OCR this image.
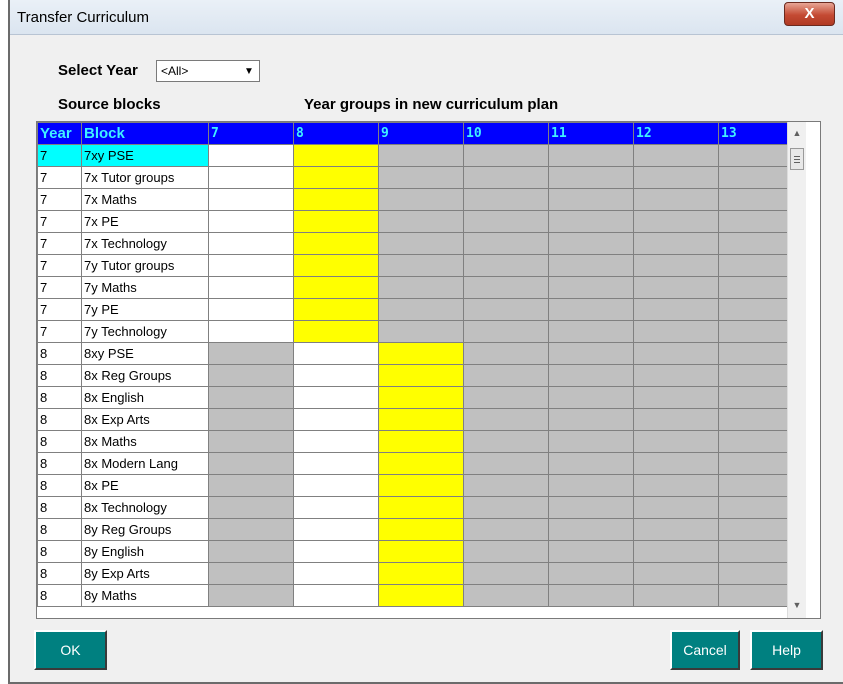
Transfer Curriculum	X
Select Year <All>	▼
Source blocks	Year groups in new curriculum plan
Year	Block	7	8	9	10	11	12	13
7	7xy PSE							
7	7x Tutor groups							
7	7x Maths							
7	7x PE							
7	7x Technology							
7	7y Tutor groups							
7	7y Maths							
7	7y PE							
7	7y Technology							
8	8xy PSE							
8	8x Reg Groups							
8	8x English							
8	8x Exp Arts							
8	8x Maths							
8	8x Modern Lang							
8	8x PE							
8	8x Technology							
8	8y Reg Groups							
8	8y English							
8	8y Exp Arts							
8	8y Maths							
▲
▼
OK	Cancel	Help
